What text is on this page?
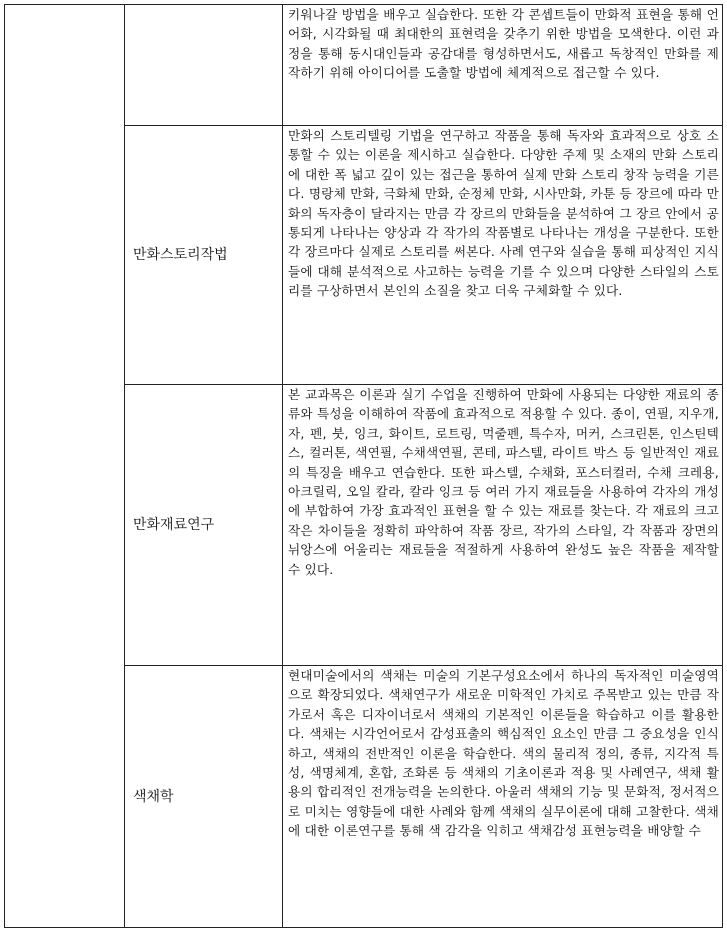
		키워나갈 방법을 배우고 실습한다. 또한 각 콘셉트들이 만화적 표현을 통해 언어화, 시각화될 때 최대한의 표현력을 갖추기 위한 방법을 모색한다. 이런 과정을 통해 동시대인들과 공감대를 형성하면서도, 새롭고 독창적인 만화를 제작하기 위해 아이디어를 도출할 방법에 체계적으로 접근할 수 있다.

	만화스토리작법	만화의 스토리텔링 기법을 연구하고 작품을 통해 독자와 효과적으로 상호 소통할 수 있는 이론을 제시하고 실습한다. 다양한 주제 및 소재의 만화 스토리에 대한 폭 넓고 깊이 있는 접근을 통하여 실제 만화 스토리 창작 능력을 기른다. 명랑체 만화, 극화체 만화, 순정체 만화, 시사만화, 카툰 등 장르에 따라 만화의 독자층이 달라지는 만큼 각 장르의 만화들을 분석하여 그 장르 안에서 공통되게 나타나는 양상과 각 작가의 작품별로 나타나는 개성을 구분한다. 또한 각 장르마다 실제로 스토리를 써본다. 사례 연구와 실습을 통해 피상적인 지식들에 대해 분석적으로 사고하는 능력을 기를 수 있으며 다양한 스타일의 스토리를 구상하면서 본인의 소질을 찾고 더욱 구체화할 수 있다.

	만화재료연구	본 교과목은 이론과 실기 수업을 진행하여 만화에 사용되는 다양한 재료의 종류와 특성을 이해하여 작품에 효과적으로 적용할 수 있다. 종이, 연필, 지우개, 자, 펜, 붓, 잉크, 화이트, 로트링, 먹줄펜, 특수자, 머커, 스크린톤, 인스틴텍스, 컬러톤, 색연필, 수채색연필, 콘테, 파스텔, 라이트 박스 등 일반적인 재료의 특징을 배우고 연습한다. 또한 파스텔, 수채화, 포스터컬러, 수채 크레용, 아크릴릭, 오일 칼라, 칼라 잉크 등 여러 가지 재료들을 사용하여 각자의 개성에 부합하여 가장 효과적인 표현을 할 수 있는 재료를 찾는다. 각 재료의 크고 작은 차이들을 정확히 파악하여 작품 장르, 작가의 스타일, 각 작품과 장면의 뉘앙스에 어울리는 재료들을 적절하게 사용하여 완성도 높은 작품을 제작할 수 있다.

	색채학	현대미술에서의 색채는 미술의 기본구성요소에서 하나의 독자적인 미술영역으로 확장되었다. 색채연구가 새로운 미학적인 가치로 주목받고 있는 만큼 작가로서 혹은 디자이너로서 색채의 기본적인 이론들을 학습하고 이를 활용한다. 색채는 시각언어로서 감성표출의 핵심적인 요소인 만큼 그 중요성을 인식하고, 색채의 전반적인 이론을 학습한다. 색의 물리적 정의, 종류, 지각적 특성, 색명체계, 혼합, 조화론 등 색채의 기초이론과 적용 및 사례연구, 색채 활용의 합리적인 전개능력을 논의한다. 아울러 색채의 기능 및 문화적, 정서적으로 미치는 영향들에 대한 사례와 함께 색채의 실무이론에 대해 고찰한다. 색채에 대한 이론연구를 통해 색 감각을 익히고 색채감성 표현능력을 배양할 수
